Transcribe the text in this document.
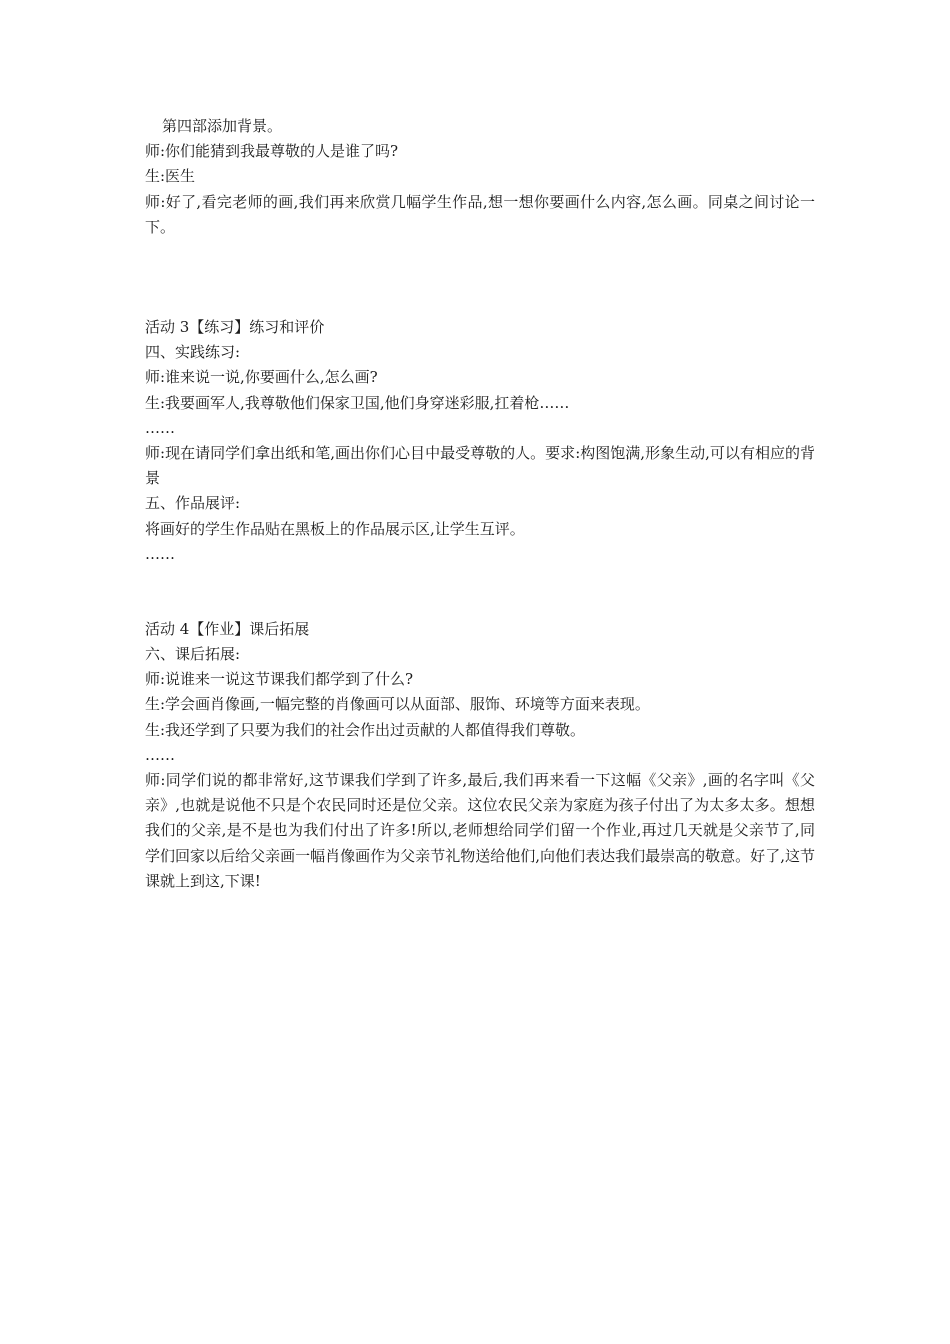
第四部添加背景。
师:你们能猜到我最尊敬的人是谁了吗?
生:医生
师:好了,看完老师的画,我们再来欣赏几幅学生作品,想一想你要画什么内容,怎么画。同桌之间讨论一下。
活动 3【练习】练习和评价
四、实践练习:
师:谁来说一说,你要画什么,怎么画?
生:我要画军人,我尊敬他们保家卫国,他们身穿迷彩服,扛着枪……
……
师:现在请同学们拿出纸和笔,画出你们心目中最受尊敬的人。要求:构图饱满,形象生动,可以有相应的背景
五、作品展评:
将画好的学生作品贴在黑板上的作品展示区,让学生互评。
……
活动 4【作业】课后拓展
六、课后拓展:
师:说谁来一说这节课我们都学到了什么?
生:学会画肖像画,一幅完整的肖像画可以从面部、服饰、环境等方面来表现。
生:我还学到了只要为我们的社会作出过贡献的人都值得我们尊敬。
……
师:同学们说的都非常好,这节课我们学到了许多,最后,我们再来看一下这幅《父亲》,画的名字叫《父亲》,也就是说他不只是个农民同时还是位父亲。这位农民父亲为家庭为孩子付出了为太多太多。想想我们的父亲,是不是也为我们付出了许多!所以,老师想给同学们留一个作业,再过几天就是父亲节了,同学们回家以后给父亲画一幅肖像画作为父亲节礼物送给他们,向他们表达我们最崇高的敬意。好了,这节课就上到这,下课!
